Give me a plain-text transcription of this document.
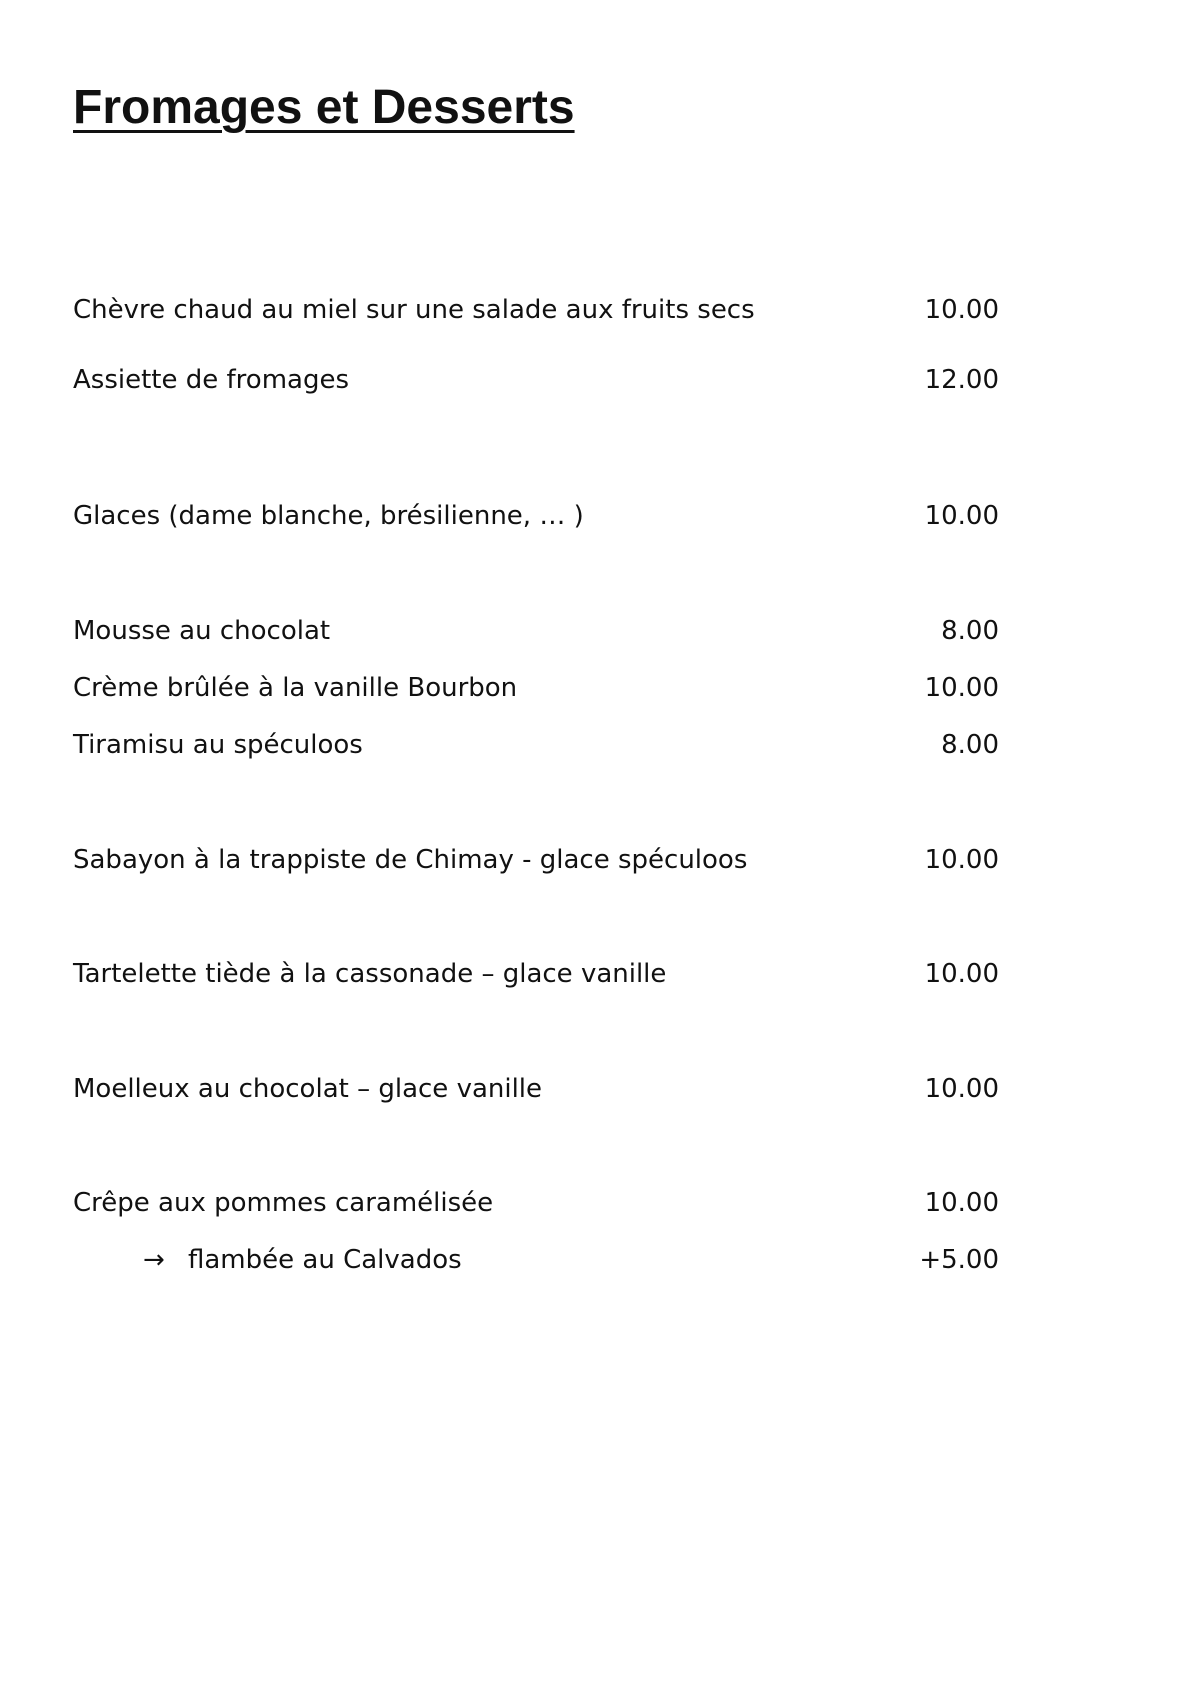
Fromages et Desserts
Chèvre chaud au miel sur une salade aux fruits secs	10.00
Assiette de fromages	12.00
Glaces (dame blanche, brésilienne, … )	10.00
Mousse au chocolat	8.00
Crème brûlée à la vanille Bourbon	10.00
Tiramisu au spéculoos	8.00
Sabayon à la trappiste de Chimay - glace spéculoos	10.00
Tartelette tiède à la cassonade – glace vanille	10.00
Moelleux au chocolat – glace vanille	10.00
Crêpe aux pommes caramélisée	10.00
→ flambée au Calvados	+5.00
